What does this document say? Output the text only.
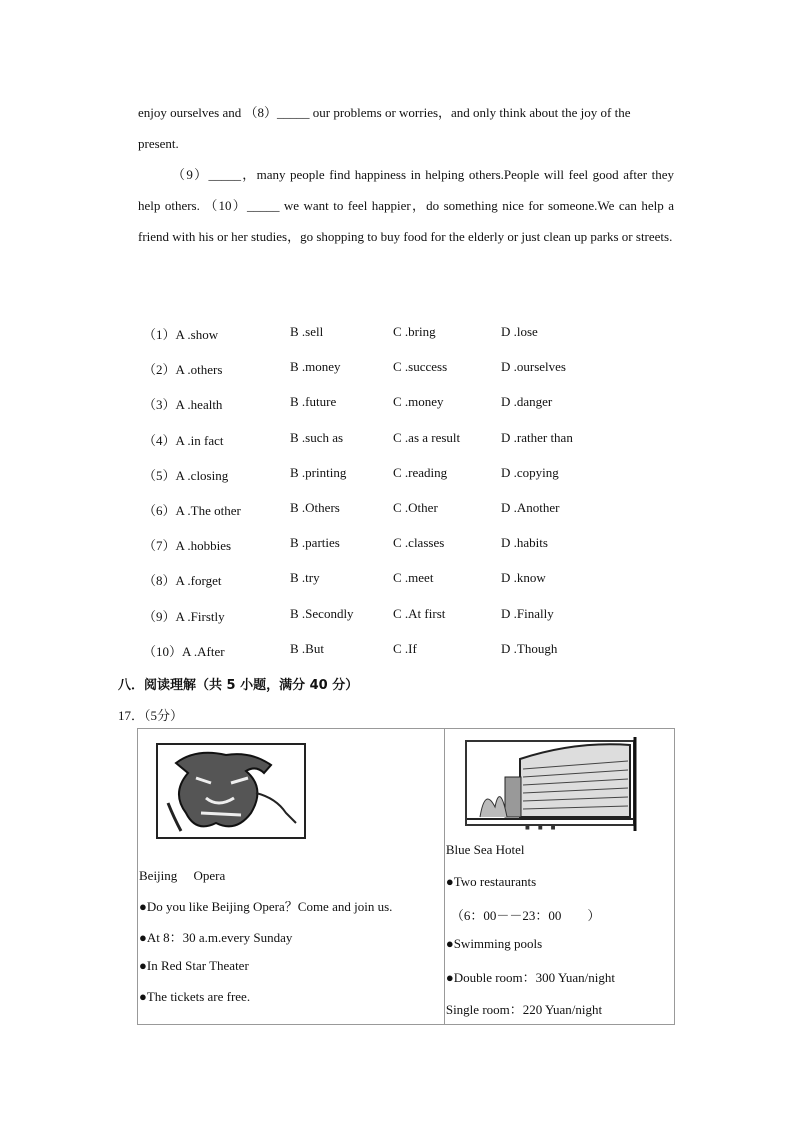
enjoy ourselves and （8）_____ our problems or worries，and only think about the joy of the
present.
（9）_____，many people find happiness in helping others.People will feel good after they help others. （10）_____ we want to feel happier，do something nice for someone.We can help a friend with his or her studies，go shopping to buy food for the elderly or just clean up parks or streets.
（1）A .show	B .sell	C .bring	D .lose
（2）A .others	B .money	C .success	D .ourselves
（3）A .health	B .future	C .money	D .danger
（4）A .in fact	B .such as	C .as a result	D .rather than
（5）A .closing	B .printing	C .reading	D .copying
（6）A .The other	B .Others	C .Other	D .Another
（7）A .hobbies	B .parties	C .classes	D .habits
（8）A .forget	B .try	C .meet	D .know
（9）A .Firstly	B .Secondly	C .At first	D .Finally
（10）A .After	B .But	C .If	D .Though
八．阅读理解（共 5 小题，满分 40 分）
17．（5分）
Beijing　 Opera
● Do you like Beijing Opera？Come and join us.
● At 8：30 a.m.every Sunday
● In Red Star Theater
● The tickets are free.

■　■　■
Blue Sea Hotel
● Two restaurants
（6：00－－23：00　　）
● Swimming pools
● Double room：300 Yuan/night
Single room：220 Yuan/night
